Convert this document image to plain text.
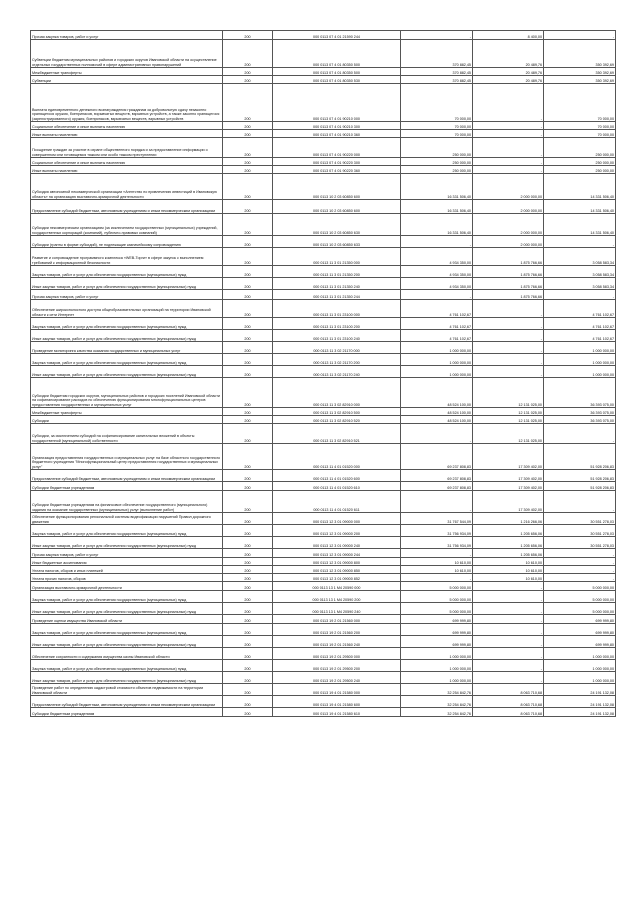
Прочая закупка товаров, работ и услуг	200	000 0113 07 4 01 21590 244	-	8 400,00	-
Субвенции бюджетам муниципальных районов и городских округов Ивановской области на осуществление отдельных государственных полномочий в сфере административных правонарушений	200	000 0113 07 4 01 80350 500	370 882,45	20 489,76	350 392,69
Межбюджетные трансферты	200	000 0113 07 4 01 80350 500	370 882,45	20 489,76	350 392,69
Субвенции	200	000 0113 07 4 01 80350 530	370 882,45	20 489,76	350 392,69
Выплата единовременного денежного вознаграждения гражданам за добровольную сдачу незаконно хранящегося оружия, боеприпасов, взрывчатых веществ, взрывных устройств, а также законно хранящегося (зарегистрированного) оружия, боеприпасов, взрывчатых веществ, взрывных устройств	200	000 0113 07 4 01 90210 000	70 000,00	-	70 000,00
Социальное обеспечение и иные выплаты населению	200	000 0113 07 4 01 90210 300	70 000,00	-	70 000,00
Иные выплаты населению	200	000 0113 07 4 01 90210 360	70 000,00	-	70 000,00
Поощрение граждан за участие в охране общественного порядка и за предоставление информации о совершенном или готовящемся тяжком или особо тяжком преступлении	200	000 0113 07 4 01 90220 000	250 000,00	-	250 000,00
Социальное обеспечение и иные выплаты населению	200	000 0113 07 4 01 90220 300	250 000,00	-	250 000,00
Иные выплаты населению	200	000 0113 07 4 01 90220 360	250 000,00	-	250 000,00
Субсидия автономной некоммерческой организации «Агентство по привлечению инвестиций в Ивановскую область» на организацию выставочно-ярмарочной деятельности	200	000 0113 10 2 03 60850 600	16 331 506,40	2 000 000,00	14 331 506,40
Предоставление субсидий бюджетным, автономным учреждениям и иным некоммерческим организациям	200	000 0113 10 2 03 60850 600	16 331 506,40	2 000 000,00	14 331 506,40
Субсидии некоммерческим организациям (за исключением государственных (муниципальных) учреждений, государственных корпораций (компаний), публично-правовых компаний)	200	000 0113 10 2 03 60850 630	16 331 506,40	2 000 000,00	14 331 506,40
Субсидии (гранты в форме субсидий), не подлежащие казначейскому сопровождению	200	000 0113 10 2 03 60850 633	-	2 000 000,00	-
Развитие и сопровождение программного комплекса «WEB-Торги» в сфере закупок с выполнением требований к информационной безопасности	200	000 0113 11 3 01 21350 000	4 934 350,00	1 875 766,66	3 058 583,34
Закупка товаров, работ и услуг для обеспечения государственных (муниципальных) нужд	200	000 0113 11 3 01 21350 200	4 934 350,00	1 875 766,66	3 058 583,34
Иные закупки товаров, работ и услуг для обеспечения государственных (муниципальных) нужд	200	000 0113 11 3 01 21350 240	4 934 350,00	1 875 766,66	3 058 583,34
Прочая закупка товаров, работ и услуг	200	000 0113 11 3 01 21350 244	-	1 875 766,66	-
Обеспечение широкополосного доступа общеобразовательных организаций на территории Ивановской области к сети Интернет	200	000 0113 11 3 01 23100 000	4 761 102,67	-	4 761 102,67
Закупка товаров, работ и услуг для обеспечения государственных (муниципальных) нужд	200	000 0113 11 3 01 23100 200	4 761 102,67	-	4 761 102,67
Иные закупки товаров, работ и услуг для обеспечения государственных (муниципальных) нужд	200	000 0113 11 3 01 23100 240	4 761 102,67	-	4 761 102,67
Проведение мониторинга качества оказания государственных и муниципальных услуг	200	000 0113 11 3 02 21170 000	1 000 000,00	-	1 000 000,00
Закупка товаров, работ и услуг для обеспечения государственных (муниципальных) нужд	200	000 0113 11 3 02 21170 200	1 000 000,00	-	1 000 000,00
Иные закупки товаров, работ и услуг для обеспечения государственных (муниципальных) нужд	200	000 0113 11 3 02 21170 240	1 000 000,00	-	1 000 000,00
Субсидии бюджетам городских округов, муниципальных районов и городских поселений Ивановской области на софинансирование расходов по обеспечению функционирования многофункциональных центров предоставления государственных и муниципальных услуг	200	000 0113 11 3 02 82910 000	48 524 100,00	12 131 025,00	36 393 075,00
Межбюджетные трансферты	200	000 0113 11 3 02 82910 500	48 524 100,00	12 131 025,00	36 393 075,00
Субсидии	200	000 0113 11 3 02 82910 520	48 524 100,00	12 131 025,00	36 393 075,00
Субсидии, за исключением субсидий на софинансирование капитальных вложений в объекты государственной (муниципальной) собственности	200	000 0113 11 3 02 82910 521	-	12 131 025,00	-
Организация предоставления государственных и муниципальных услуг на базе областного государственного бюджетного учреждения "Многофункциональный центр предоставления государственных и муниципальных услуг"	200	000 0113 11 4 01 01520 000	69 237 808,83	17 309 402,00	51 928 206,83
Предоставление субсидий бюджетным, автономным учреждениям и иным некоммерческим организациям	200	000 0113 11 4 01 01520 600	69 237 808,83	17 309 402,00	51 928 206,83
Субсидии бюджетным учреждениям	200	000 0113 11 4 01 01520 610	69 237 808,83	17 309 402,00	51 928 206,83
Субсидии бюджетным учреждениям на финансовое обеспечение государственного (муниципального) задания на оказание государственных (муниципальных) услуг (выполнение работ)	200	000 0113 11 4 01 01520 611	-	17 309 402,00	-
Обеспечение функционирования региональной системы видеофиксации нарушений Правил дорожного движения	200	000 0113 12 3 01 09000 000	31 767 544,09	1 216 266,06	30 551 278,03
Закупка товаров, работ и услуг для обеспечения государственных (муниципальных) нужд	200	000 0113 12 3 01 09000 200	31 756 934,09	1 205 656,06	30 551 278,03
Иные закупки товаров, работ и услуг для обеспечения государственных (муниципальных) нужд	200	000 0113 12 3 01 09000 240	31 756 934,09	1 205 656,06	30 551 278,03
Прочая закупка товаров, работ и услуг	200	000 0113 12 3 01 09000 244	-	1 205 656,06	-
Иные бюджетные ассигнования	200	000 0113 12 3 01 09000 800	10 610,00	10 610,00	-
Уплата налогов, сборов и иных платежей	200	000 0113 12 3 01 09000 850	10 610,00	10 610,00	-
Уплата прочих налогов, сборов	200	000 0113 12 3 01 09000 852	-	10 610,00	-
Организация выставочно-ярмарочной деятельности	200	000 0113 13 1 M4 20590 000	5 000 000,00	-	5 000 000,00
Закупка товаров, работ и услуг для обеспечения государственных (муниципальных) нужд	200	000 0113 13 1 M4 20590 200	5 000 000,00	-	5 000 000,00
Иные закупки товаров, работ и услуг для обеспечения государственных (муниципальных) нужд	200	000 0113 13 1 M4 20590 240	5 000 000,00	-	5 000 000,00
Проведение оценки имущества Ивановской области	200	000 0113 19 2 01 21560 000	699 999,80	-	699 999,80
Закупка товаров, работ и услуг для обеспечения государственных (муниципальных) нужд	200	000 0113 19 2 01 21560 200	699 999,80	-	699 999,80
Иные закупки товаров, работ и услуг для обеспечения государственных (муниципальных) нужд	200	000 0113 19 2 01 21560 240	699 999,80	-	699 999,80
Обеспечение сохранности и содержания имущества казны Ивановской области	200	000 0113 19 2 01 29500 000	1 000 000,00	-	1 000 000,00
Закупка товаров, работ и услуг для обеспечения государственных (муниципальных) нужд	200	000 0113 19 2 01 29500 200	1 000 000,00	-	1 000 000,00
Иные закупки товаров, работ и услуг для обеспечения государственных (муниципальных) нужд	200	000 0113 19 2 01 29500 240	1 000 000,00	-	1 000 000,00
Проведение работ по определению кадастровой стоимости объектов недвижимости на территории Ивановской области	200	000 0113 19 4 01 21580 000	32 254 842,76	8 063 710,68	24 191 132,08
Предоставление субсидий бюджетным, автономным учреждениям и иным некоммерческим организациям	200	000 0113 19 4 01 21580 600	32 254 842,76	8 063 710,68	24 191 132,08
Субсидии бюджетным учреждениям	200	000 0113 19 4 01 21580 610	32 254 842,76	8 063 710,68	24 191 132,08
